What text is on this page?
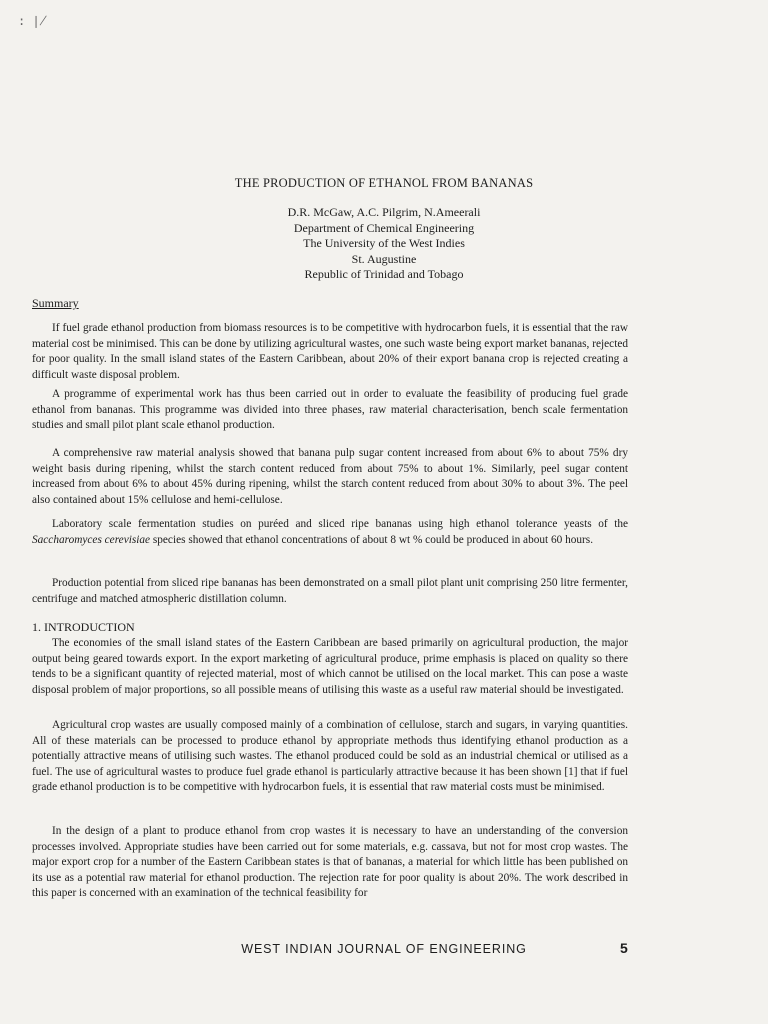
: ∤
THE PRODUCTION OF ETHANOL FROM BANANAS
D.R. McGaw, A.C. Pilgrim, N.Ameerali
Department of Chemical Engineering
The University of the West Indies
St. Augustine
Republic of Trinidad and Tobago
Summary

If fuel grade ethanol production from biomass resources is to be competitive with hydrocarbon fuels, it is essential that the raw material cost be minimised. This can be done by utilizing agricultural wastes, one such waste being export market bananas, rejected for poor quality. In the small island states of the Eastern Caribbean, about 20% of their export banana crop is rejected creating a difficult waste disposal problem.

A programme of experimental work has thus been carried out in order to evaluate the feasibility of producing fuel grade ethanol from bananas. This programme was divided into three phases, raw material characterisation, bench scale fermentation studies and small pilot plant scale ethanol production.

A comprehensive raw material analysis showed that banana pulp sugar content increased from about 6% to about 75% dry weight basis during ripening, whilst the starch content reduced from about 75% to about 1%. Similarly, peel sugar content increased from about 6% to about 45% during ripening, whilst the starch content reduced from about 30% to about 3%. The peel also contained about 15% cellulose and hemi-cellulose.

Laboratory scale fermentation studies on puréed and sliced ripe bananas using high ethanol tolerance yeasts of the Saccharomyces cerevisiae species showed that ethanol concentrations of about 8 wt % could be produced in about 60 hours.

Production potential from sliced ripe bananas has been demonstrated on a small pilot plant unit comprising 250 litre fermenter, centrifuge and matched atmospheric distillation column.

1. INTRODUCTION

The economies of the small island states of the Eastern Caribbean are based primarily on agricultural production, the major output being geared towards export. In the export marketing of agricultural produce, prime emphasis is placed on quality so there tends to be a significant quantity of rejected material, most of which cannot be utilised on the local market. This can pose a waste disposal problem of major proportions, so all possible means of utilising this waste as a useful raw material should be investigated.

Agricultural crop wastes are usually composed mainly of a combination of cellulose, starch and sugars, in varying quantities. All of these materials can be processed to produce ethanol by appropriate methods thus identifying ethanol production as a potentially attractive means of utilising such wastes. The ethanol produced could be sold as an industrial chemical or utilised as a fuel. The use of agricultural wastes to produce fuel grade ethanol is particularly attractive because it has been shown [1] that if fuel grade ethanol production is to be competitive with hydrocarbon fuels, it is essential that raw material costs must be minimised.

In the design of a plant to produce ethanol from crop wastes it is necessary to have an understanding of the conversion processes involved. Appropriate studies have been carried out for some materials, e.g. cassava, but not for most crop wastes. The major export crop for a number of the Eastern Caribbean states is that of bananas, a material for which little has been published on its use as a potential raw material for ethanol production. The rejection rate for poor quality is about 20%. The work described in this paper is concerned with an examination of the technical feasibility for

WEST INDIAN JOURNAL OF ENGINEERING	5
